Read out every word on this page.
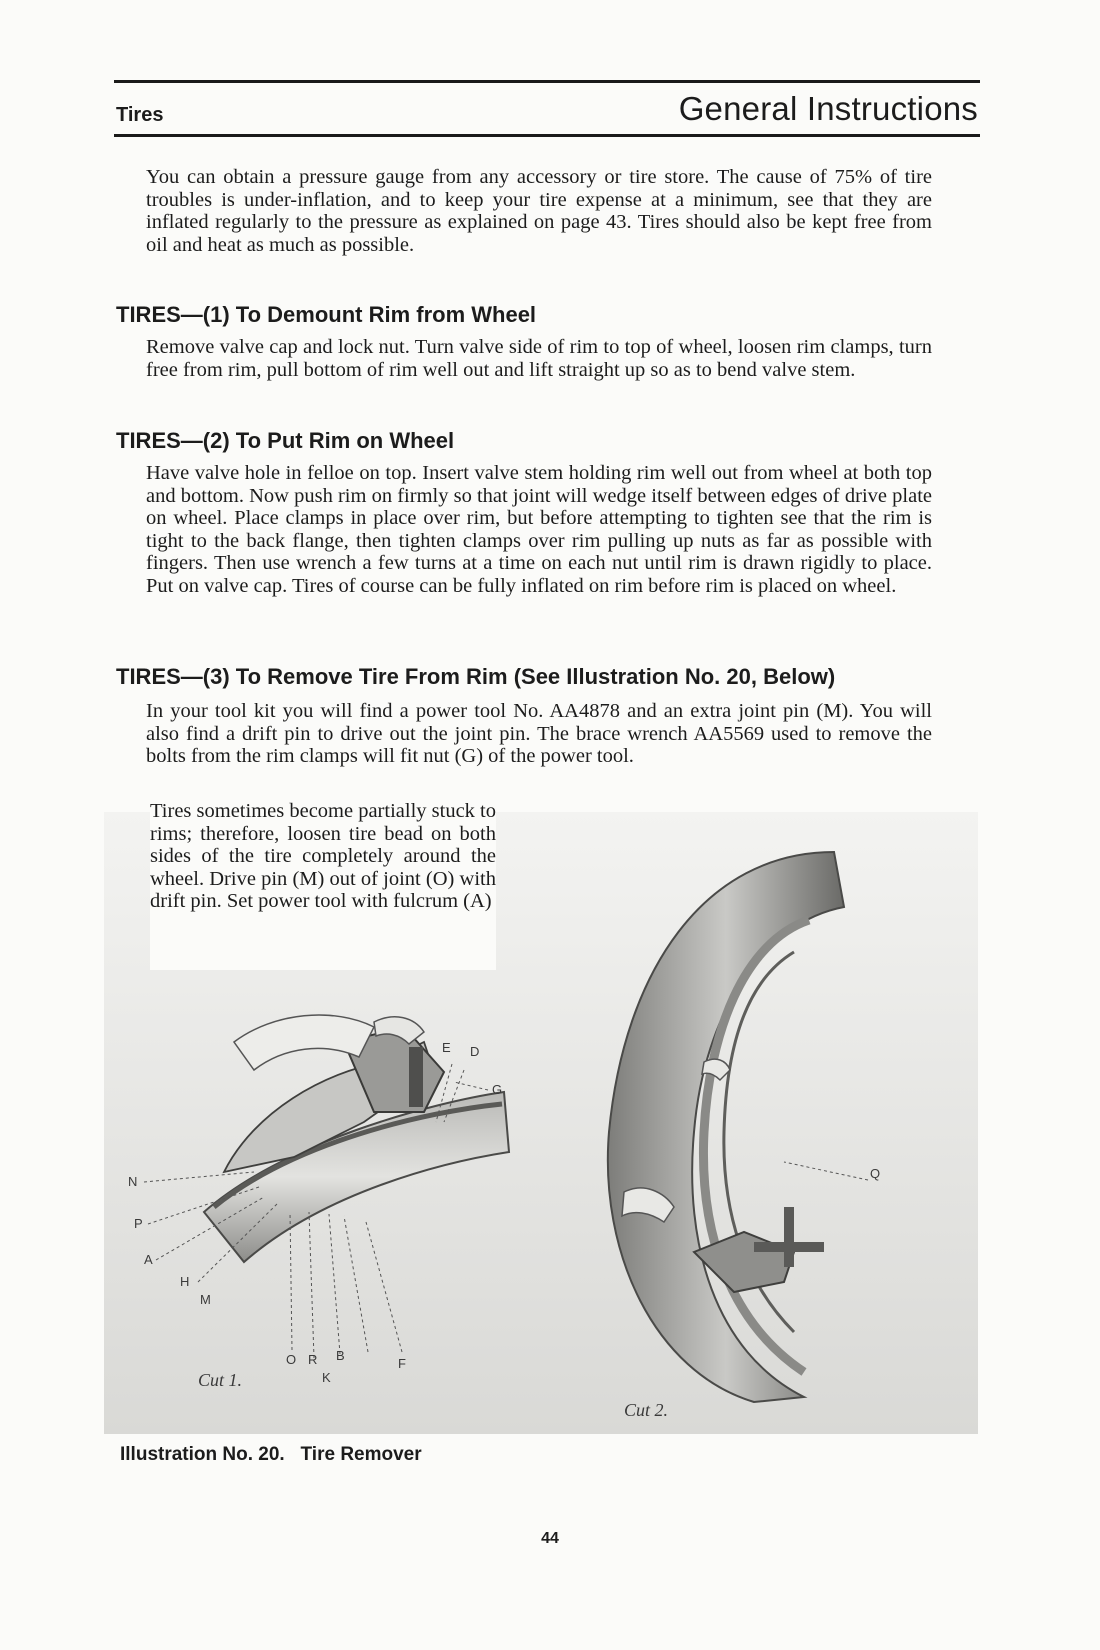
Tires	General Instructions
You can obtain a pressure gauge from any accessory or tire store. The cause of 75% of tire troubles is under-inflation, and to keep your tire expense at a minimum, see that they are inflated regularly to the pressure as explained on page 43. Tires should also be kept free from oil and heat as much as possible.
TIRES—(1) To Demount Rim from Wheel
Remove valve cap and lock nut. Turn valve side of rim to top of wheel, loosen rim clamps, turn free from rim, pull bottom of rim well out and lift straight up so as to bend valve stem.
TIRES—(2) To Put Rim on Wheel
Have valve hole in felloe on top. Insert valve stem holding rim well out from wheel at both top and bottom. Now push rim on firmly so that joint will wedge itself between edges of drive plate on wheel. Place clamps in place over rim, but before attempting to tighten see that the rim is tight to the back flange, then tighten clamps over rim pulling up nuts as far as possible with fingers. Then use wrench a few turns at a time on each nut until rim is drawn rigidly to place. Put on valve cap. Tires of course can be fully inflated on rim before rim is placed on wheel.
TIRES—(3) To Remove Tire From Rim (See Illustration No. 20, Below)
In your tool kit you will find a power tool No. AA4878 and an extra joint pin (M). You will also find a drift pin to drive out the joint pin. The brace wrench AA5569 used to remove the bolts from the rim clamps will fit nut (G) of the power tool.
E D
G
N
P
A
H
M
O R B
K
F
Q
Cut 1.
Cut 2.
Tires sometimes become partially stuck to rims; therefore, loosen tire bead on both sides of the tire completely around the wheel. Drive pin (M) out of joint (O) with drift pin. Set power tool with fulcrum (A)
Illustration No. 20. Tire Remover
44
